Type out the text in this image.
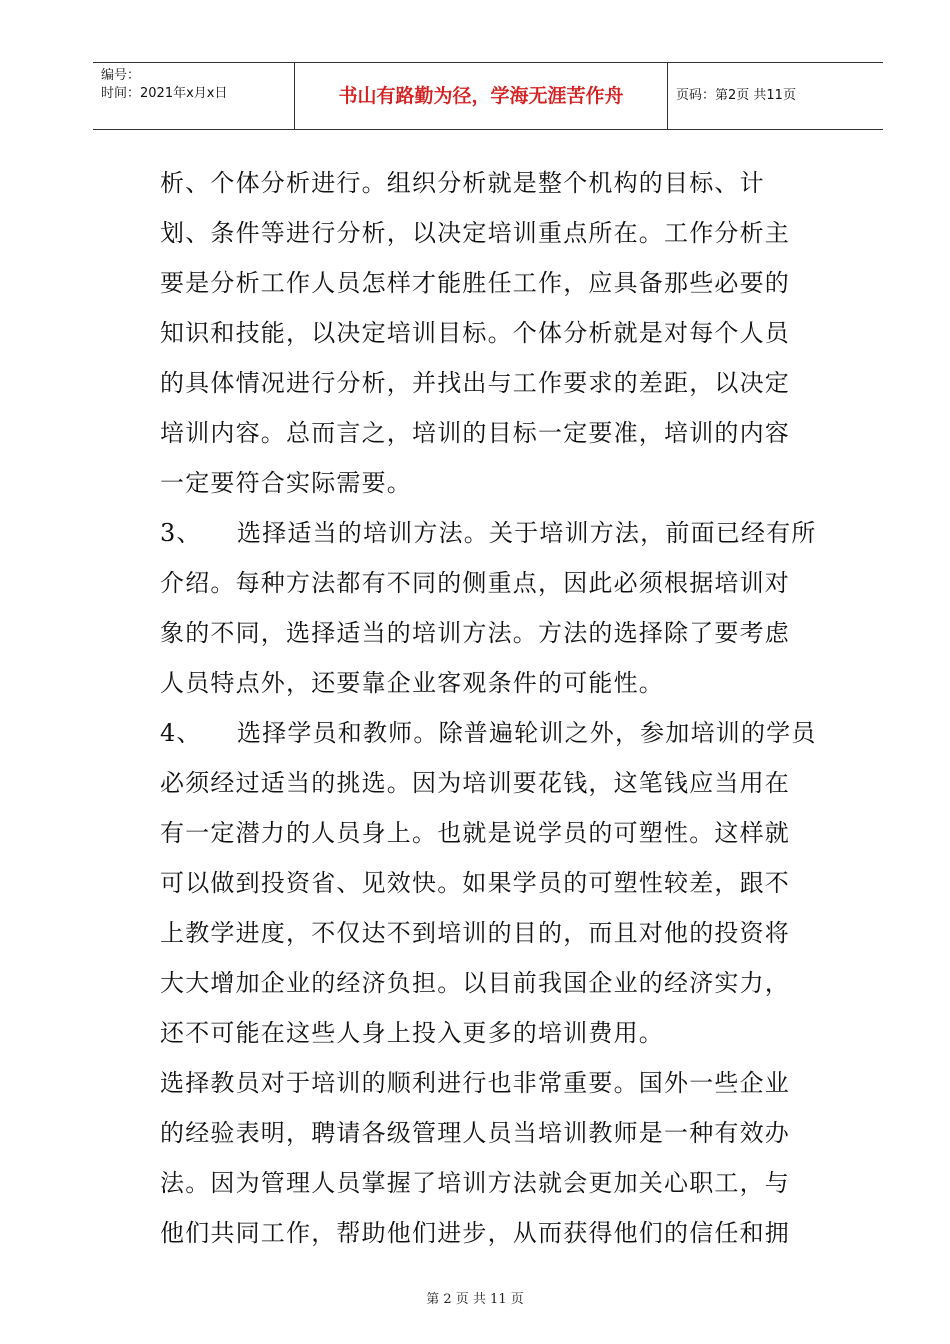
编号：
时间：2021年x月x日	书山有路勤为径，学海无涯苦作舟	页码：第2页 共11页
析、个体分析进行。组织分析就是整个机构的目标、计
划、条件等进行分析，以决定培训重点所在。工作分析主
要是分析工作人员怎样才能胜任工作，应具备那些必要的
知识和技能，以决定培训目标。个体分析就是对每个人员
的具体情况进行分析，并找出与工作要求的差距，以决定
培训内容。总而言之，培训的目标一定要准，培训的内容
一定要符合实际需要。
3、    选择适当的培训方法。关于培训方法，前面已经有所
介绍。每种方法都有不同的侧重点，因此必须根据培训对
象的不同，选择适当的培训方法。方法的选择除了要考虑
人员特点外，还要靠企业客观条件的可能性。
4、    选择学员和教师。除普遍轮训之外，参加培训的学员
必须经过适当的挑选。因为培训要花钱，这笔钱应当用在
有一定潜力的人员身上。也就是说学员的可塑性。这样就
可以做到投资省、见效快。如果学员的可塑性较差，跟不
上教学进度，不仅达不到培训的目的，而且对他的投资将
大大增加企业的经济负担。以目前我国企业的经济实力，
还不可能在这些人身上投入更多的培训费用。
选择教员对于培训的顺利进行也非常重要。国外一些企业
的经验表明，聘请各级管理人员当培训教师是一种有效办
法。因为管理人员掌握了培训方法就会更加关心职工，与
他们共同工作，帮助他们进步，从而获得他们的信任和拥
第 2 页 共 11 页
